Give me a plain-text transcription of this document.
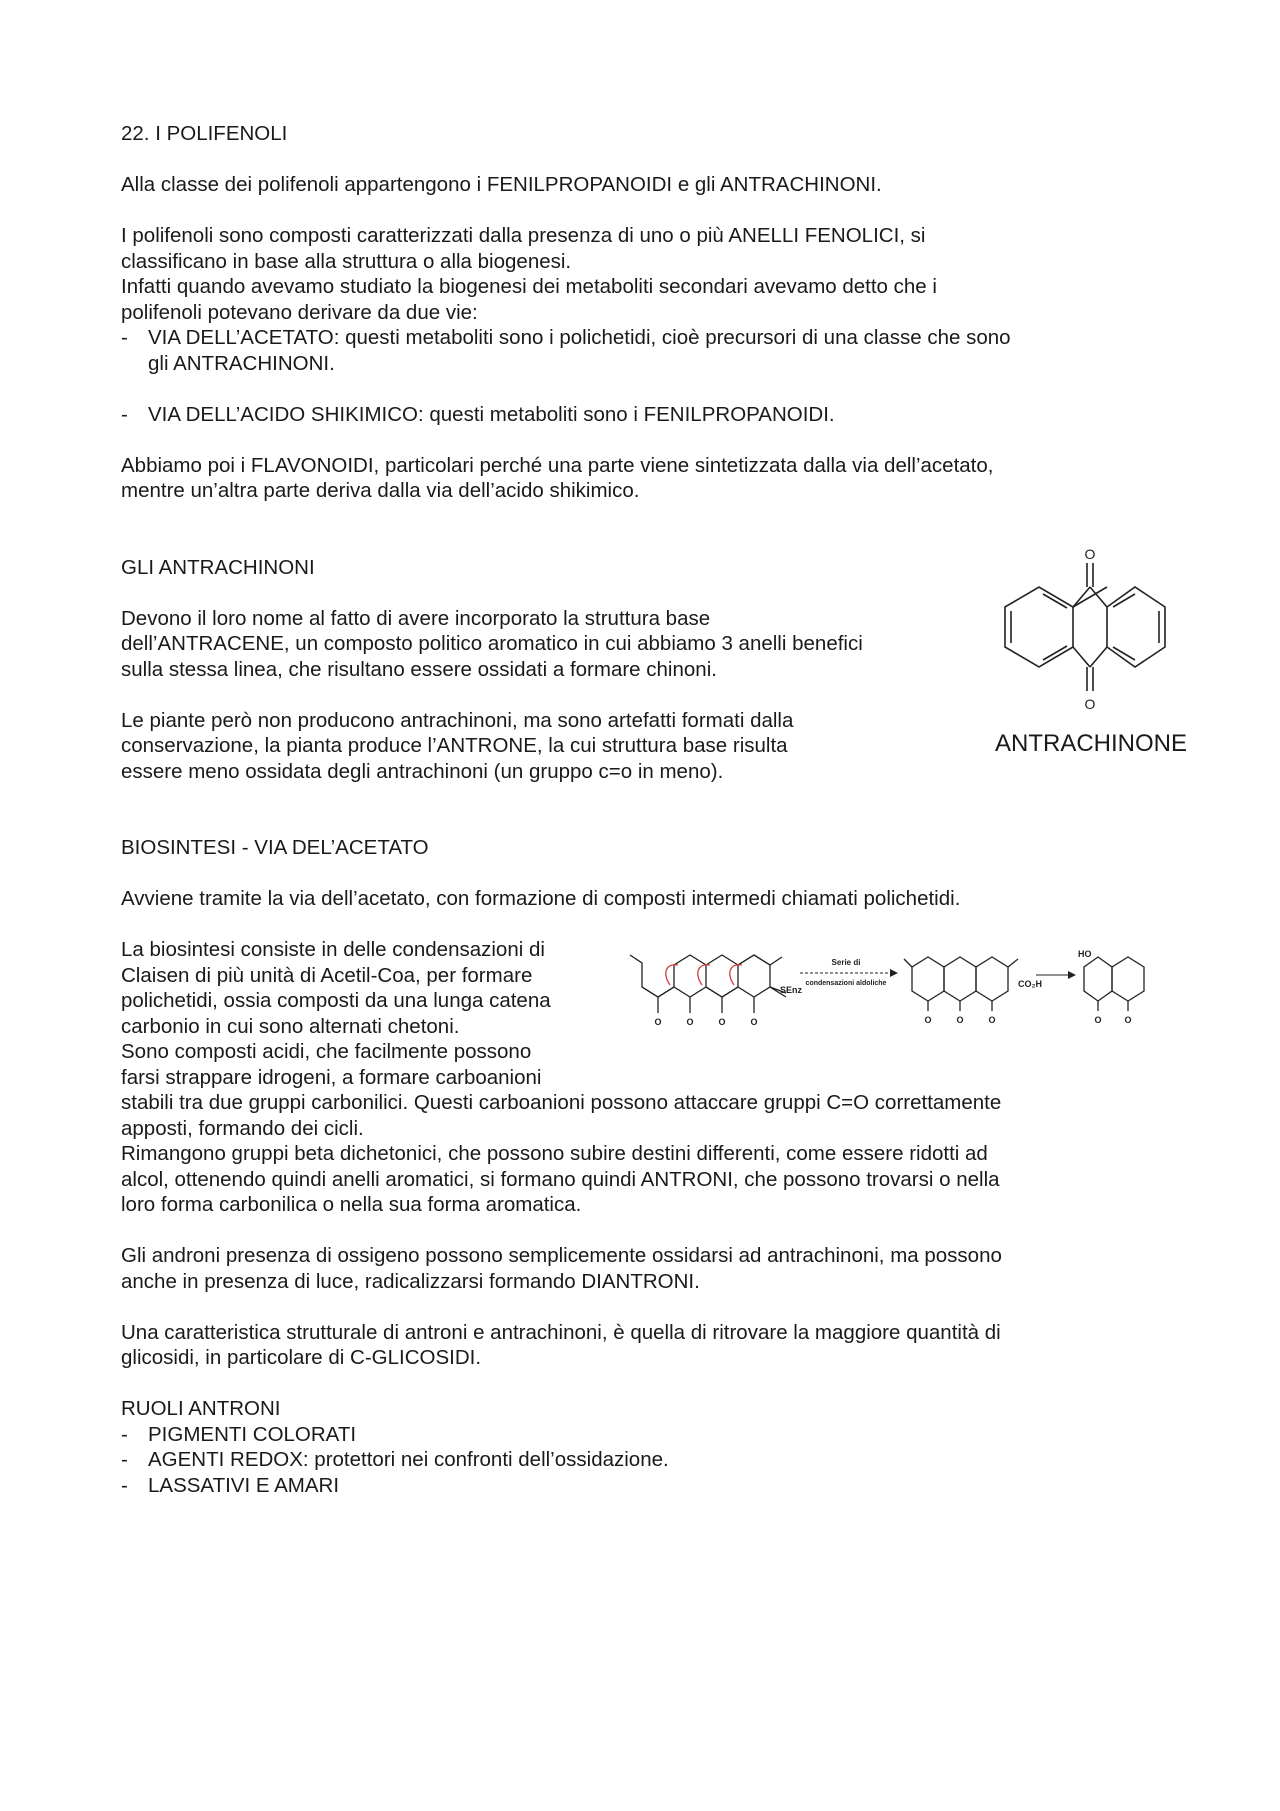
22. I POLIFENOLI

Alla classe dei polifenoli appartengono i FENILPROPANOIDI e gli ANTRACHINONI.

I polifenoli sono composti caratterizzati dalla presenza di uno o più ANELLI FENOLICI, si

classificano in base alla struttura o alla biogenesi.

Infatti quando avevamo studiato la biogenesi dei metaboliti secondari avevamo detto che i

polifenoli potevano derivare da due vie:

- VIA DELL’ACETATO: questi metaboliti sono i polichetidi, cioè precursori di una classe che sono

gli ANTRACHINONI.

- VIA DELL’ACIDO SHIKIMICO: questi metaboliti sono i FENILPROPANOIDI.

Abbiamo poi i FLAVONOIDI, particolari perché una parte viene sintetizzata dalla via dell’acetato,

mentre un’altra parte deriva dalla via dell’acido shikimico.

GLI ANTRACHINONI

Devono il loro nome al fatto di avere incorporato la struttura base

dell’ANTRACENE, un composto politico aromatico in cui abbiamo 3 anelli benefici

sulla stessa linea, che risultano essere ossidati a formare chinoni.

Le piante però non producono antrachinoni, ma sono artefatti formati dalla

conservazione, la pianta produce l’ANTRONE, la cui struttura base risulta

essere meno ossidata degli antrachinoni (un gruppo c=o in meno).

O
O
ANTRACHINONE

BIOSINTESI - VIA DEL’ACETATO

Avviene tramite la via dell’acetato, con formazione di composti intermedi chiamati polichetidi.

La biosintesi consiste in delle condensazioni di

Claisen di più unità di Acetil-Coa, per formare

polichetidi, ossia composti da una lunga catena

carbonio in cui sono alternati chetoni.

Sono composti acidi, che facilmente possono

farsi strappare idrogeni, a formare carboanioni

Serie di
condensazioni aldoliche
SEnz
CO₂H
HO
O	O	O	O	O	O	O	O	O

stabili tra due gruppi carbonilici. Questi carboanioni possono attaccare gruppi C=O correttamente

apposti, formando dei cicli.

Rimangono gruppi beta dichetonici, che possono subire destini differenti, come essere ridotti ad

alcol, ottenendo quindi anelli aromatici, si formano quindi ANTRONI, che possono trovarsi o nella

loro forma carbonilica o nella sua forma aromatica.

Gli androni presenza di ossigeno possono semplicemente ossidarsi ad antrachinoni, ma possono

anche in presenza di luce, radicalizzarsi formando DIANTRONI.

Una caratteristica strutturale di antroni e antrachinoni, è quella di ritrovare la maggiore quantità di

glicosidi, in particolare di C-GLICOSIDI.

RUOLI ANTRONI

- PIGMENTI COLORATI
- AGENTI REDOX: protettori nei confronti dell’ossidazione.
- LASSATIVI E AMARI
